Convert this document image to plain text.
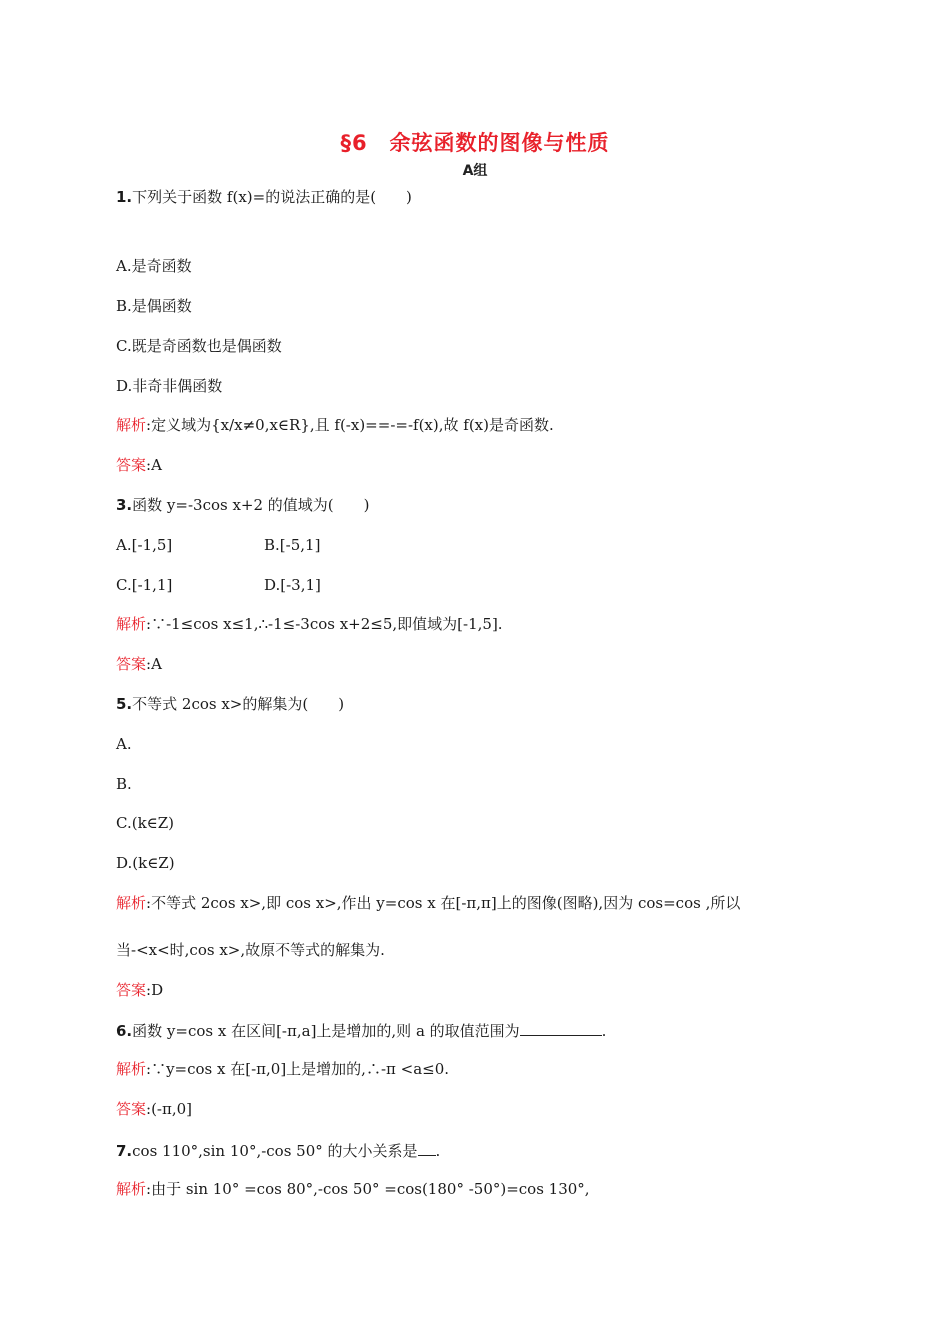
§6　余弦函数的图像与性质
A组
1.下列关于函数 f(x)=的说法正确的是(　　)
A.是奇函数
B.是偶函数
C.既是奇函数也是偶函数
D.非奇非偶函数
解析:定义域为{x/x≠0,x∈R},且 f(-x)==-=-f(x),故 f(x)是奇函数.
答案:A
3.函数 y=-3cos x+2 的值域为(　　)
A.[-1,5]	B.[-5,1]
C.[-1,1]	D.[-3,1]
解析:∵-1≤cos x≤1,∴-1≤-3cos x+2≤5,即值域为[-1,5].
答案:A
5.不等式 2cos x>的解集为(　　)
A.
B.
C.(k∈Z)
D.(k∈Z)
解析:不等式 2cos x>,即 cos x>,作出 y=cos x 在[-π,π]上的图像(图略),因为 cos=cos ,所以
当-<x<时,cos x>,故原不等式的解集为.
答案:D
6.函数 y=cos x 在区间[-π,a]上是增加的,则 a 的取值范围为	.
解析:∵y=cos x 在[-π,0]上是增加的,∴-π <a≤0.
答案:(-π,0]
7.cos 110°,sin 10°,-cos 50° 的大小关系是 .
解析:由于 sin 10° =cos 80°,-cos 50° =cos(180° -50°)=cos 130°,
